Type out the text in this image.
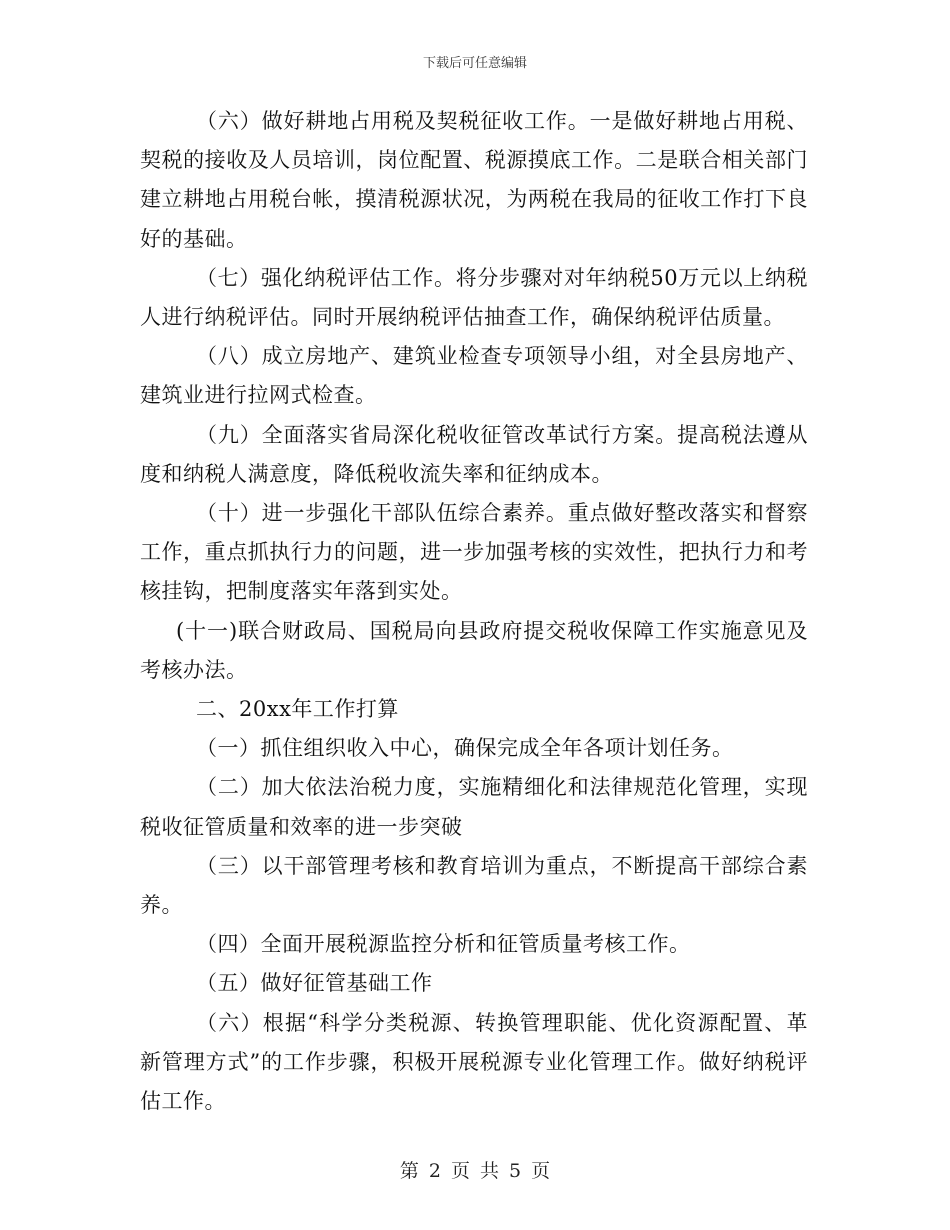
下载后可任意编辑

（六）做好耕地占用税及契税征收工作。一是做好耕地占用税、契税的接收及人员培训，岗位配置、税源摸底工作。二是联合相关部门建立耕地占用税台帐，摸清税源状况，为两税在我局的征收工作打下良好的基础。

（七）强化纳税评估工作。将分步骤对对年纳税50万元以上纳税人进行纳税评估。同时开展纳税评估抽查工作，确保纳税评估质量。

（八）成立房地产、建筑业检查专项领导小组，对全县房地产、建筑业进行拉网式检查。

（九）全面落实省局深化税收征管改革试行方案。提高税法遵从度和纳税人满意度，降低税收流失率和征纳成本。

（十）进一步强化干部队伍综合素养。重点做好整改落实和督察工作，重点抓执行力的问题，进一步加强考核的实效性，把执行力和考核挂钩，把制度落实年落到实处。

(十一)联合财政局、国税局向县政府提交税收保障工作实施意见及考核办法。

二、20xx年工作打算

（一）抓住组织收入中心，确保完成全年各项计划任务。

（二）加大依法治税力度，实施精细化和法律规范化管理，实现税收征管质量和效率的进一步突破

（三）以干部管理考核和教育培训为重点，不断提高干部综合素养。

（四）全面开展税源监控分析和征管质量考核工作。

（五）做好征管基础工作

（六）根据“科学分类税源、转换管理职能、优化资源配置、革新管理方式”的工作步骤，积极开展税源专业化管理工作。做好纳税评估工作。

第 2 页 共 5 页
